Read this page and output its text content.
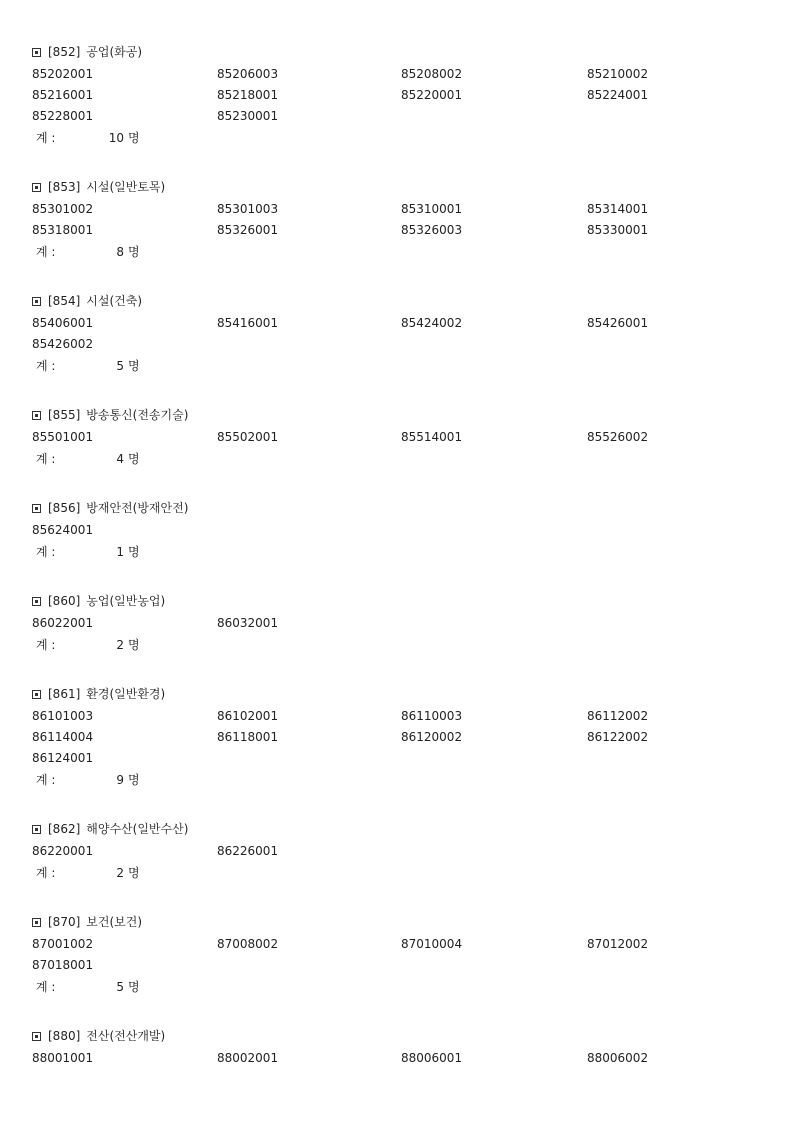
[852] 공업(화공)
85202001	85206003	85208002	85210002
85216001	85218001	85220001	85224001
85228001	85230001
계 :	10 명
[853] 시설(일반토목)
85301002	85301003	85310001	85314001
85318001	85326001	85326003	85330001
계 :	8 명
[854] 시설(건축)
85406001	85416001	85424002	85426001
85426002
계 :	5 명
[855] 방송통신(전송기술)
85501001	85502001	85514001	85526002
계 :	4 명
[856] 방재안전(방재안전)
85624001
계 :	1 명
[860] 농업(일반농업)
86022001	86032001
계 :	2 명
[861] 환경(일반환경)
86101003	86102001	86110003	86112002
86114004	86118001	86120002	86122002
86124001
계 :	9 명
[862] 해양수산(일반수산)
86220001	86226001
계 :	2 명
[870] 보건(보건)
87001002	87008002	87010004	87012002
87018001
계 :	5 명
[880] 전산(전산개발)
88001001	88002001	88006001	88006002
